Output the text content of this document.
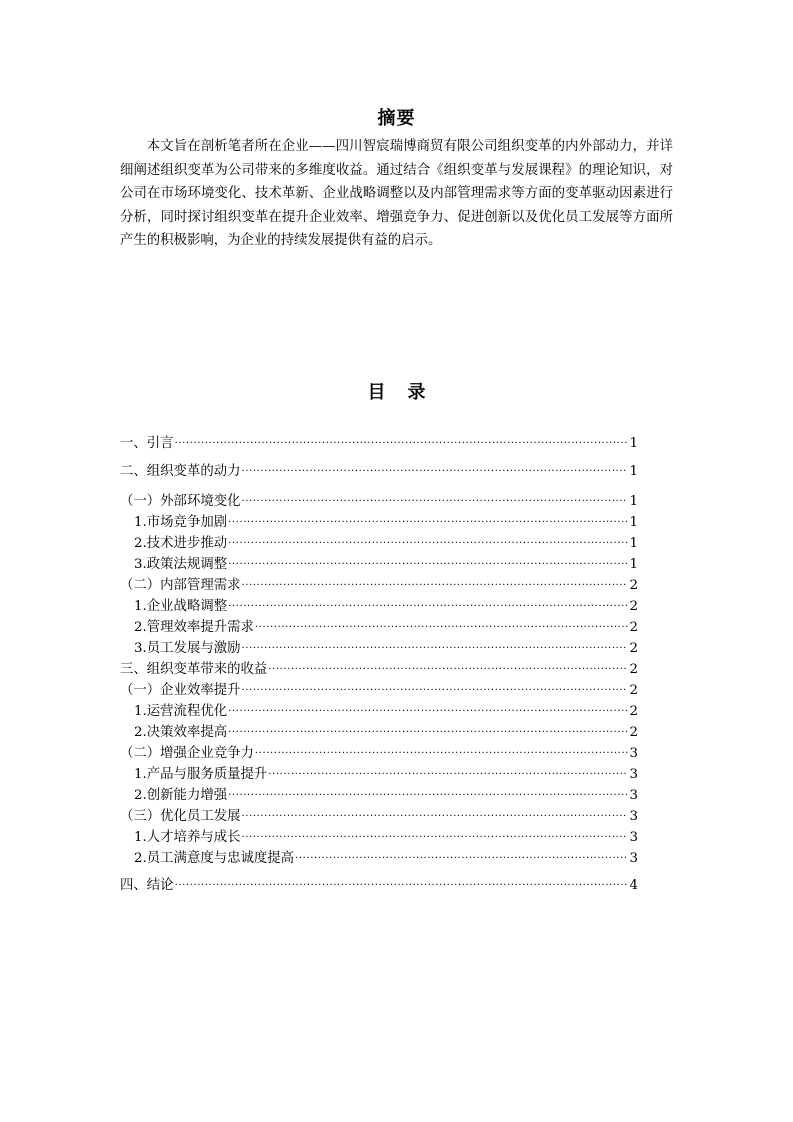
摘要

本文旨在剖析笔者所在企业——四川智宸瑞博商贸有限公司组织变革的内外部动力，并详细阐述组织变革为公司带来的多维度收益。通过结合《组织变革与发展课程》的理论知识，对公司在市场环境变化、技术革新、企业战略调整以及内部管理需求等方面的变革驱动因素进行分析，同时探讨组织变革在提升企业效率、增强竞争力、促进创新以及优化员工发展等方面所产生的积极影响，为企业的持续发展提供有益的启示。

目 录
一、引言 ·····	1
二、组织变革的动力 ·····	1
（一）外部环境变化 ·····	1
1.市场竞争加剧 ·····	1
2.技术进步推动 ·····	1
3.政策法规调整 ·····	1
（二）内部管理需求 ·····	2
1.企业战略调整 ·····	2
2.管理效率提升需求 ·····	2
3.员工发展与激励 ·····	2
三、组织变革带来的收益 ·····	2
（一）企业效率提升 ·····	2
1.运营流程优化 ·····	2
2.决策效率提高 ·····	2
（二）增强企业竞争力 ·····	3
1.产品与服务质量提升 ·····	3
2.创新能力增强 ·····	3
（三）优化员工发展 ·····	3
1.人才培养与成长 ·····	3
2.员工满意度与忠诚度提高 ·····	3
四、结论 ·····	4
